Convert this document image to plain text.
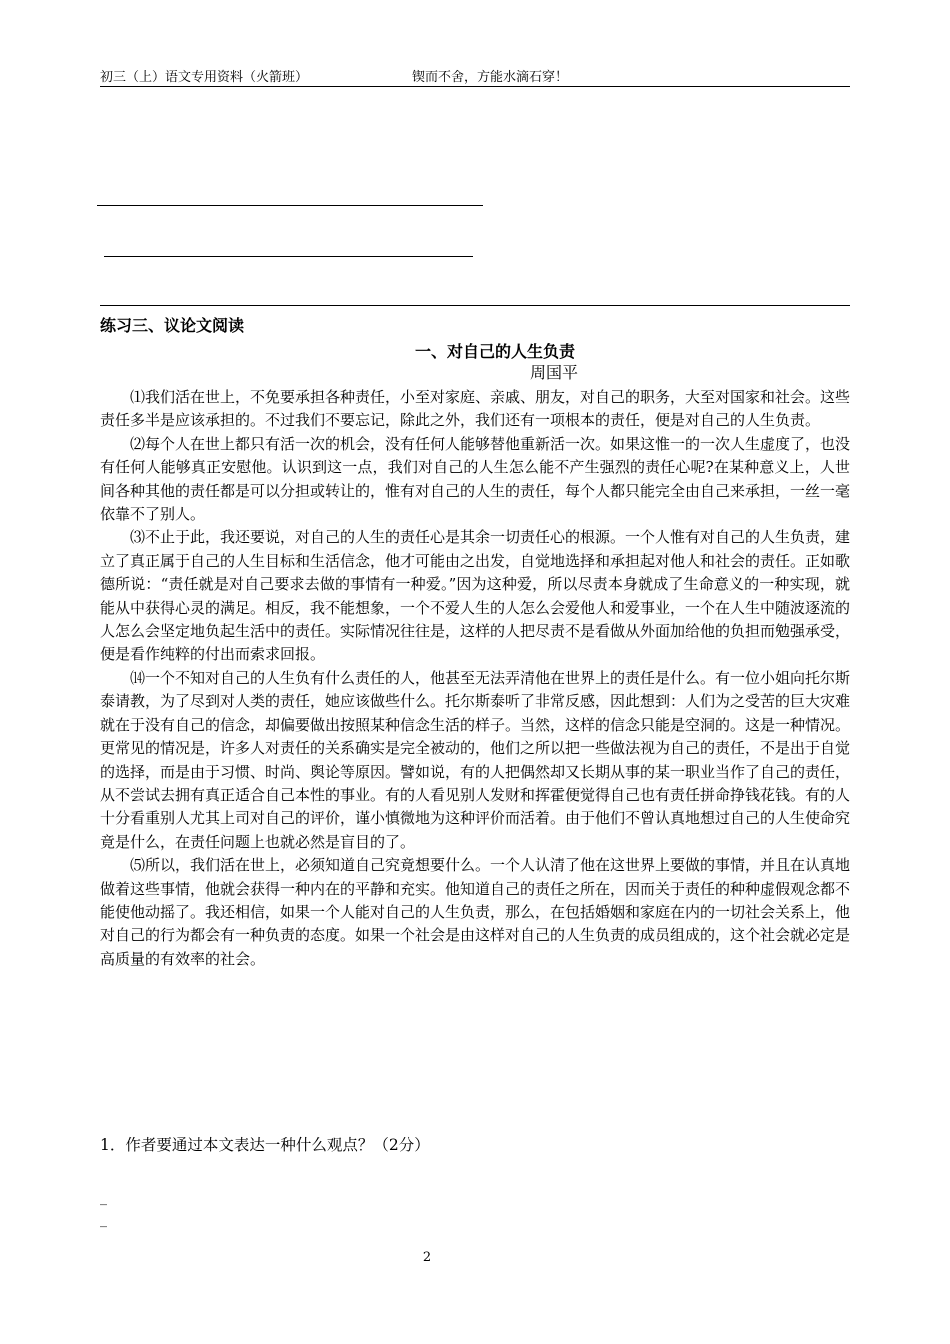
初三（上）语文专用资料（火箭班）	锲而不舍，方能水滴石穿！
练习三、议论文阅读
一、对自己的人生负责
周国平

⑴我们活在世上，不免要承担各种责任，小至对家庭、亲戚、朋友，对自己的职务，大至对国家和社会。这些责任多半是应该承担的。不过我们不要忘记，除此之外，我们还有一项根本的责任，便是对自己的人生负责。

⑵每个人在世上都只有活一次的机会，没有任何人能够替他重新活一次。如果这惟一的一次人生虚度了，也没有任何人能够真正安慰他。认识到这一点，我们对自己的人生怎么能不产生强烈的责任心呢?在某种意义上，人世间各种其他的责任都是可以分担或转让的，惟有对自己的人生的责任，每个人都只能完全由自己来承担，一丝一毫依靠不了别人。

⑶不止于此，我还要说，对自己的人生的责任心是其余一切责任心的根源。一个人惟有对自己的人生负责，建立了真正属于自己的人生目标和生活信念，他才可能由之出发，自觉地选择和承担起对他人和社会的责任。正如歌德所说：“责任就是对自己要求去做的事情有一种爱。”因为这种爱，所以尽责本身就成了生命意义的一种实现，就能从中获得心灵的满足。相反，我不能想象，一个不爱人生的人怎么会爱他人和爱事业，一个在人生中随波逐流的人怎么会坚定地负起生活中的责任。实际情况往往是，这样的人把尽责不是看做从外面加给他的负担而勉强承受，便是看作纯粹的付出而索求回报。

⒁一个不知对自己的人生负有什么责任的人，他甚至无法弄清他在世界上的责任是什么。有一位小姐向托尔斯泰请教，为了尽到对人类的责任，她应该做些什么。托尔斯泰听了非常反感，因此想到：人们为之受苦的巨大灾难就在于没有自己的信念，却偏要做出按照某种信念生活的样子。当然，这样的信念只能是空洞的。这是一种情况。更常见的情况是，许多人对责任的关系确实是完全被动的，他们之所以把一些做法视为自己的责任，不是出于自觉的选择，而是由于习惯、时尚、舆论等原因。譬如说，有的人把偶然却又长期从事的某一职业当作了自己的责任，从不尝试去拥有真正适合自己本性的事业。有的人看见别人发财和挥霍便觉得自己也有责任拼命挣钱花钱。有的人十分看重别人尤其上司对自己的评价，谨小慎微地为这种评价而活着。由于他们不曾认真地想过自己的人生使命究竟是什么，在责任问题上也就必然是盲目的了。

⑸所以，我们活在世上，必须知道自己究竟想要什么。一个人认清了他在这世界上要做的事情，并且在认真地做着这些事情，他就会获得一种内在的平静和充实。他知道自己的责任之所在，因而关于责任的种种虚假观念都不能使他动摇了。我还相信，如果一个人能对自己的人生负责，那么，在包括婚姻和家庭在内的一切社会关系上，他对自己的行为都会有一种负责的态度。如果一个社会是由这样对自己的人生负责的成员组成的，这个社会就必定是高质量的有效率的社会。

1．作者要通过本文表达一种什么观点？（2分）
_
_
2
